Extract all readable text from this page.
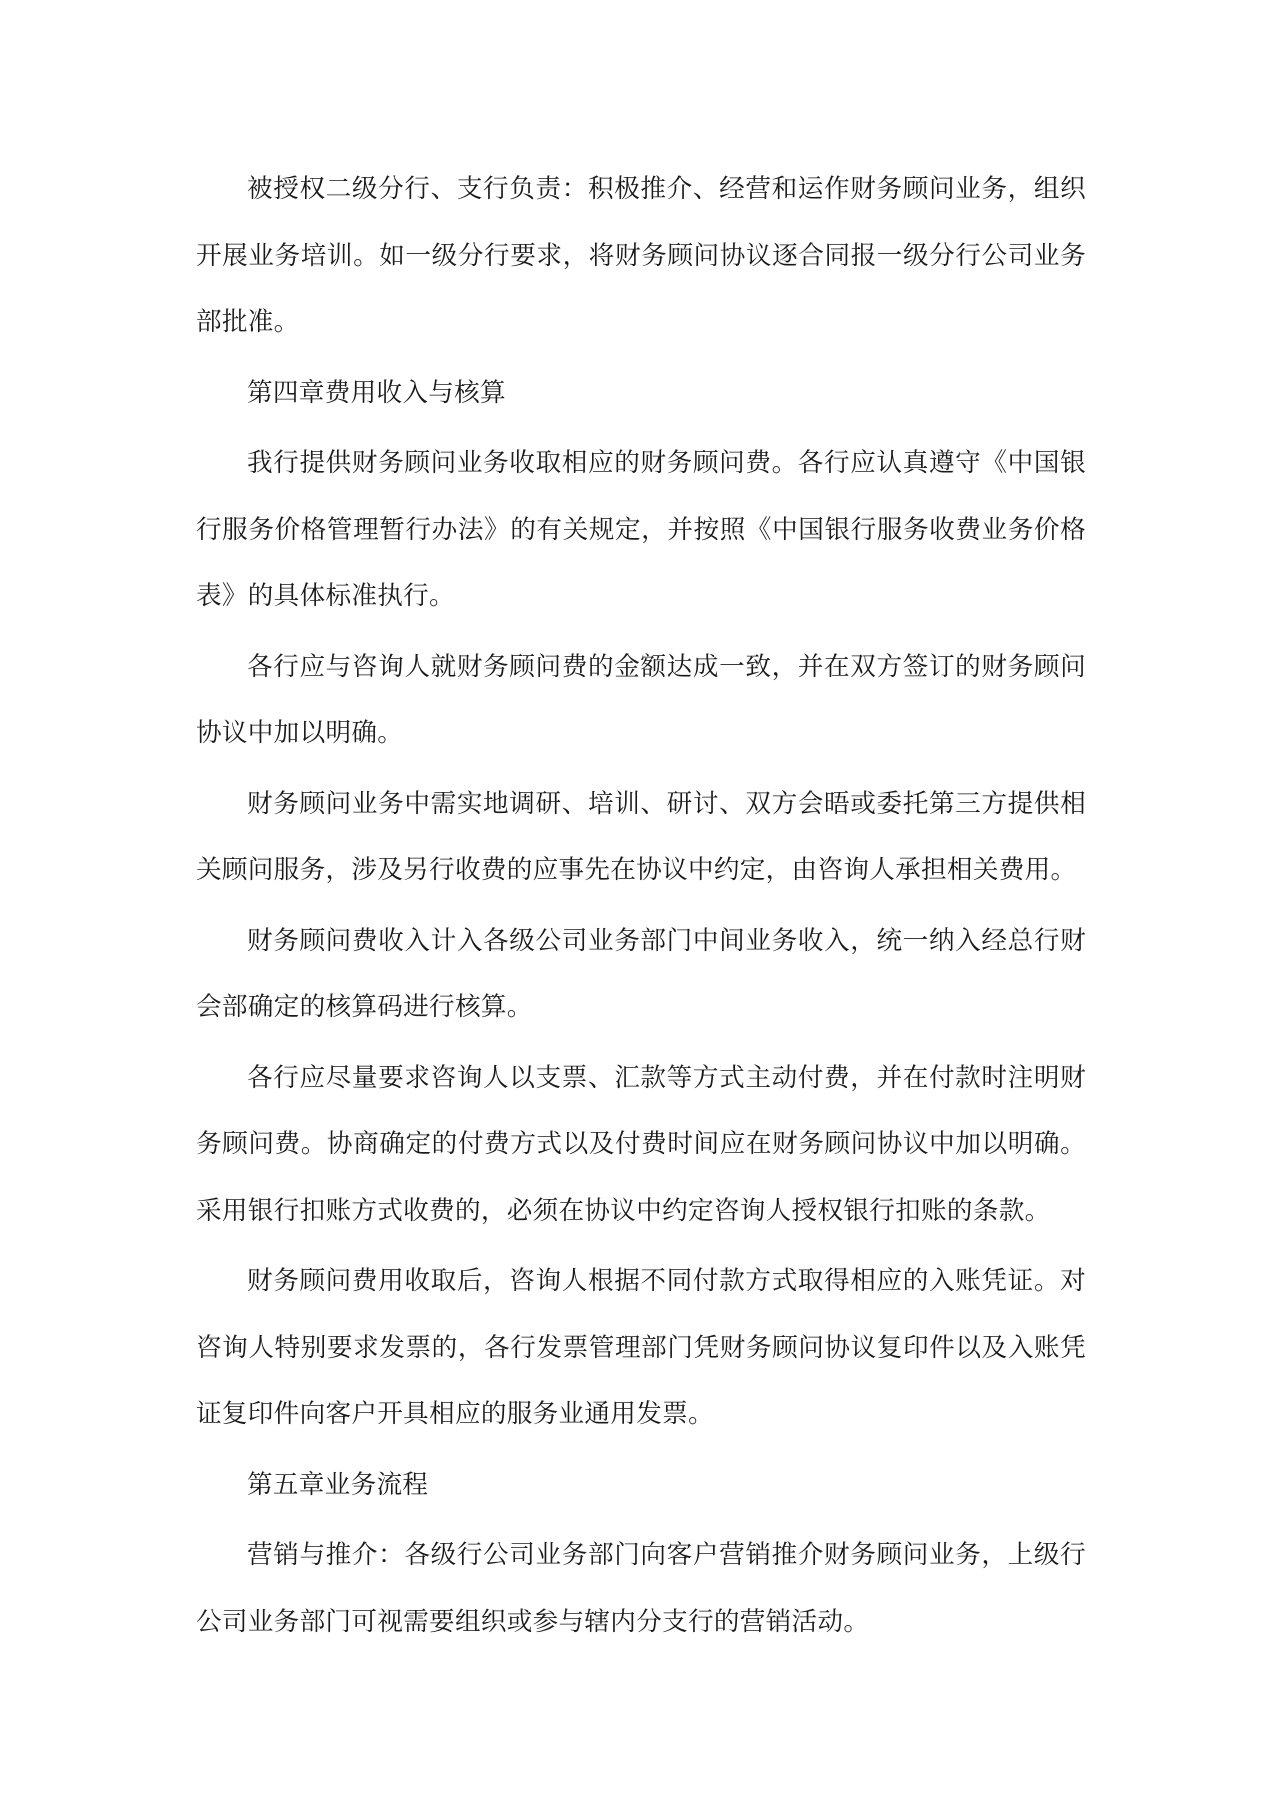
被授权二级分行、支行负责：积极推介、经营和运作财务顾问业务，组织开展业务培训。如一级分行要求，将财务顾问协议逐合同报一级分行公司业务部批准。

第四章费用收入与核算

我行提供财务顾问业务收取相应的财务顾问费。各行应认真遵守《中国银行服务价格管理暂行办法》的有关规定，并按照《中国银行服务收费业务价格表》的具体标准执行。

各行应与咨询人就财务顾问费的金额达成一致，并在双方签订的财务顾问协议中加以明确。

财务顾问业务中需实地调研、培训、研讨、双方会晤或委托第三方提供相关顾问服务，涉及另行收费的应事先在协议中约定，由咨询人承担相关费用。

财务顾问费收入计入各级公司业务部门中间业务收入，统一纳入经总行财会部确定的核算码进行核算。

各行应尽量要求咨询人以支票、汇款等方式主动付费，并在付款时注明财务顾问费。协商确定的付费方式以及付费时间应在财务顾问协议中加以明确。采用银行扣账方式收费的，必须在协议中约定咨询人授权银行扣账的条款。

财务顾问费用收取后，咨询人根据不同付款方式取得相应的入账凭证。对咨询人特别要求发票的，各行发票管理部门凭财务顾问协议复印件以及入账凭证复印件向客户开具相应的服务业通用发票。

第五章业务流程

营销与推介：各级行公司业务部门向客户营销推介财务顾问业务，上级行公司业务部门可视需要组织或参与辖内分支行的营销活动。
